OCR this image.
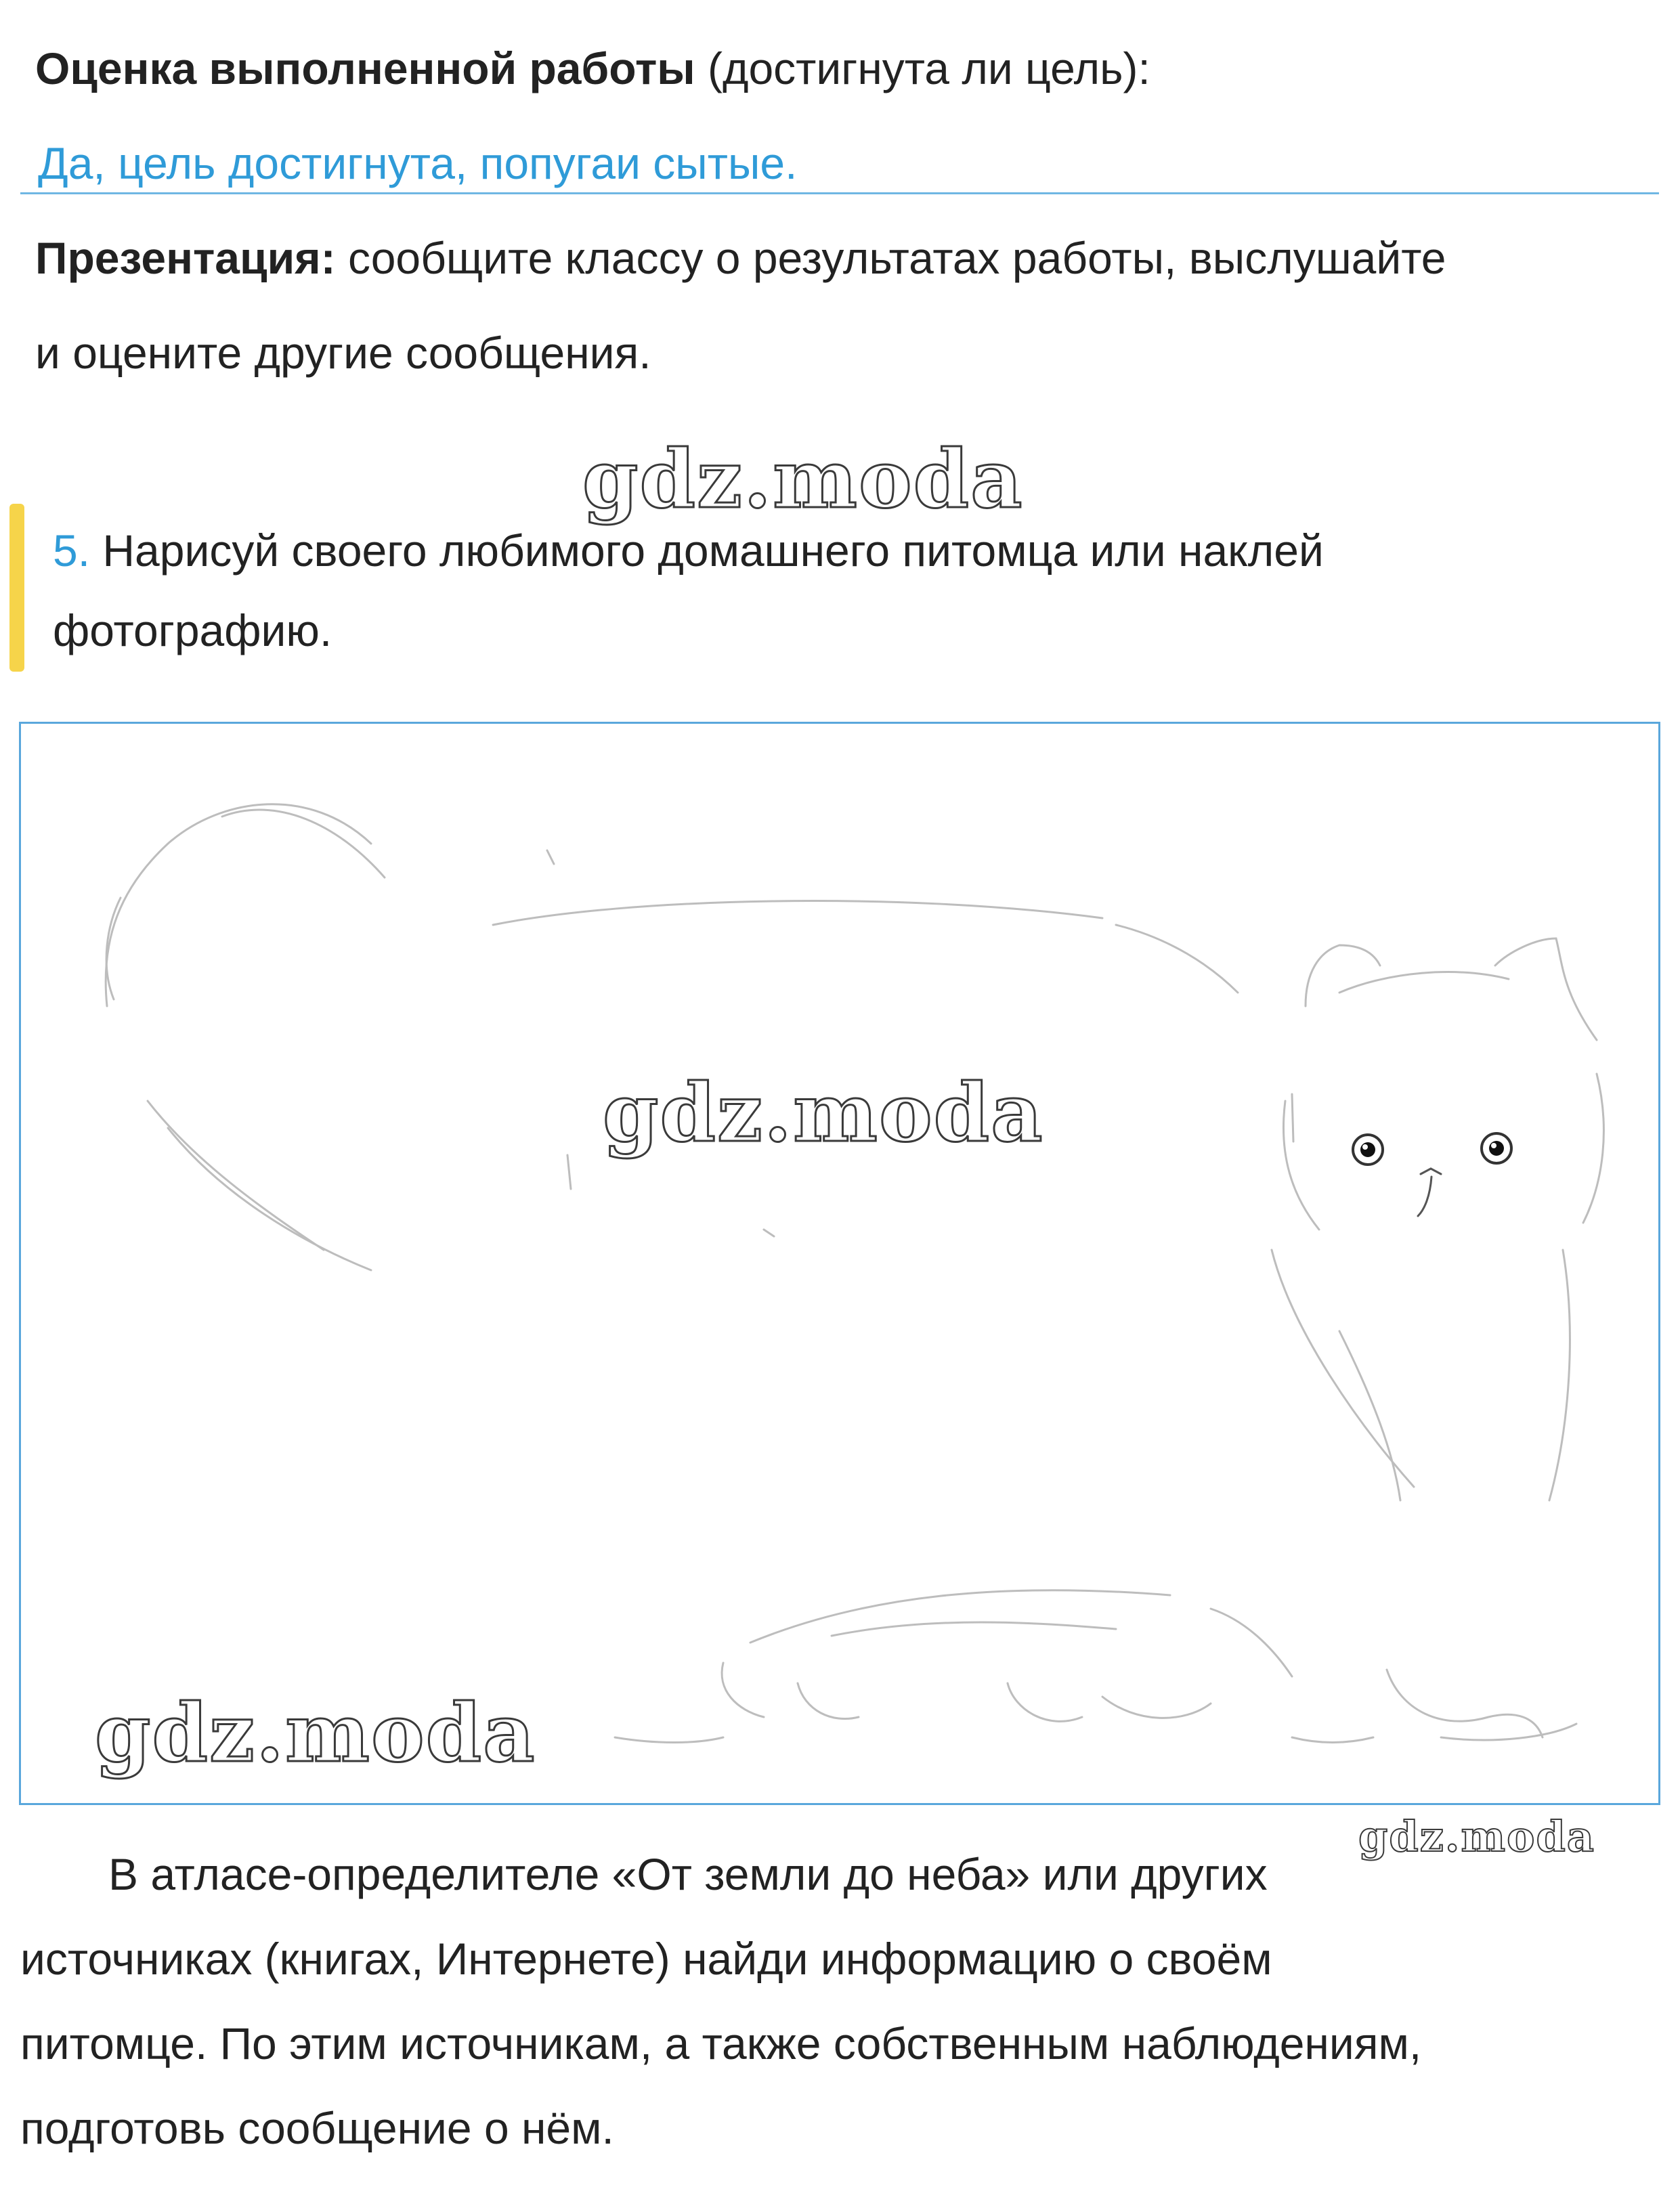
Оценка выполненной работы (достигнута ли цель):
Да, цель достигнута, попугаи сытые.
Презентация: сообщите классу о результатах работы, выслушайте
и оцените другие сообщения.
gdz.moda
5. Нарисуй своего любимого домашнего питомца или наклей
фотографию.
gdz.moda
gdz.moda
gdz.moda
В атласе-определителе «От земли до неба» или других
источниках (книгах, Интернете) найди информацию о своём
питомце. По этим источникам, а также собственным наблюдениям,
подготовь сообщение о нём.
